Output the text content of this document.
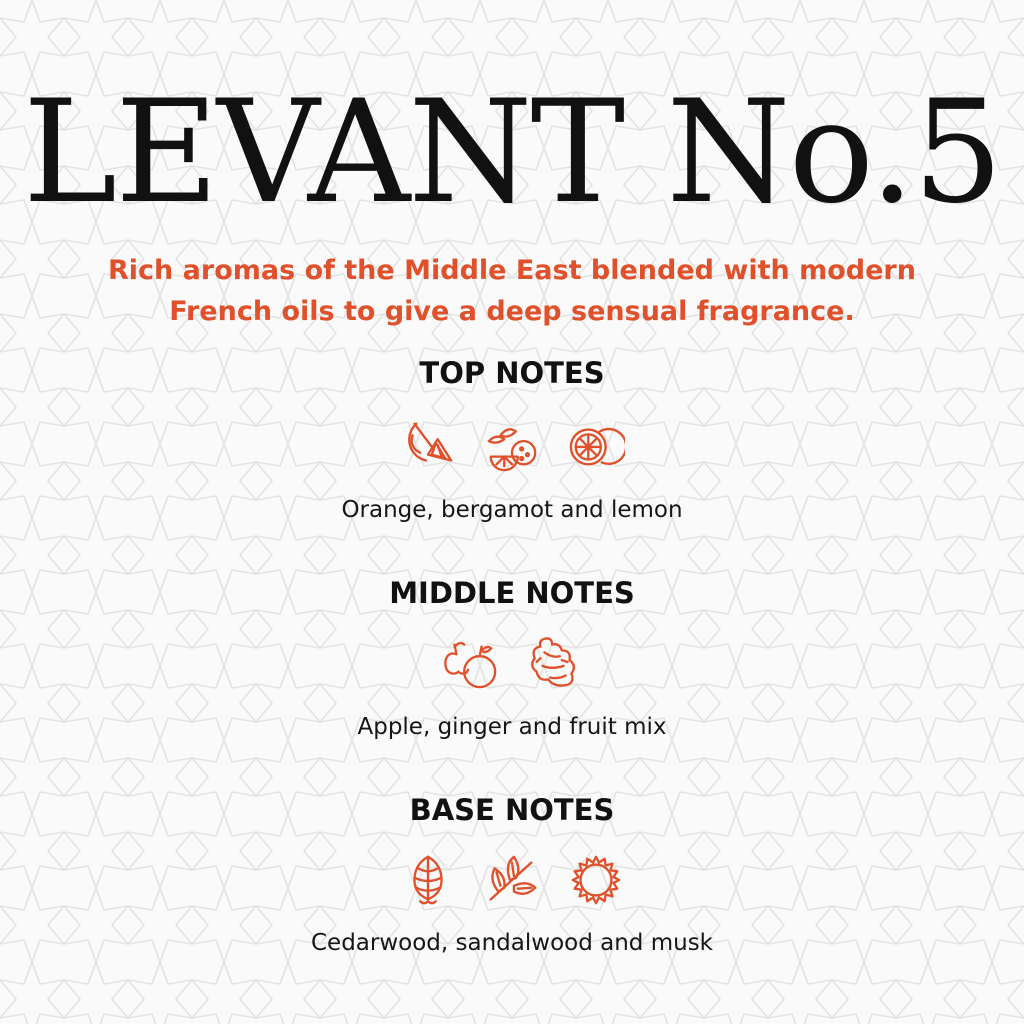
LEVANT No.5

Rich aromas of the Middle East blended with modern
French oils to give a deep sensual fragrance.

TOP NOTES

Orange, bergamot and lemon

MIDDLE NOTES

Apple, ginger and fruit mix

BASE NOTES

Cedarwood, sandalwood and musk
